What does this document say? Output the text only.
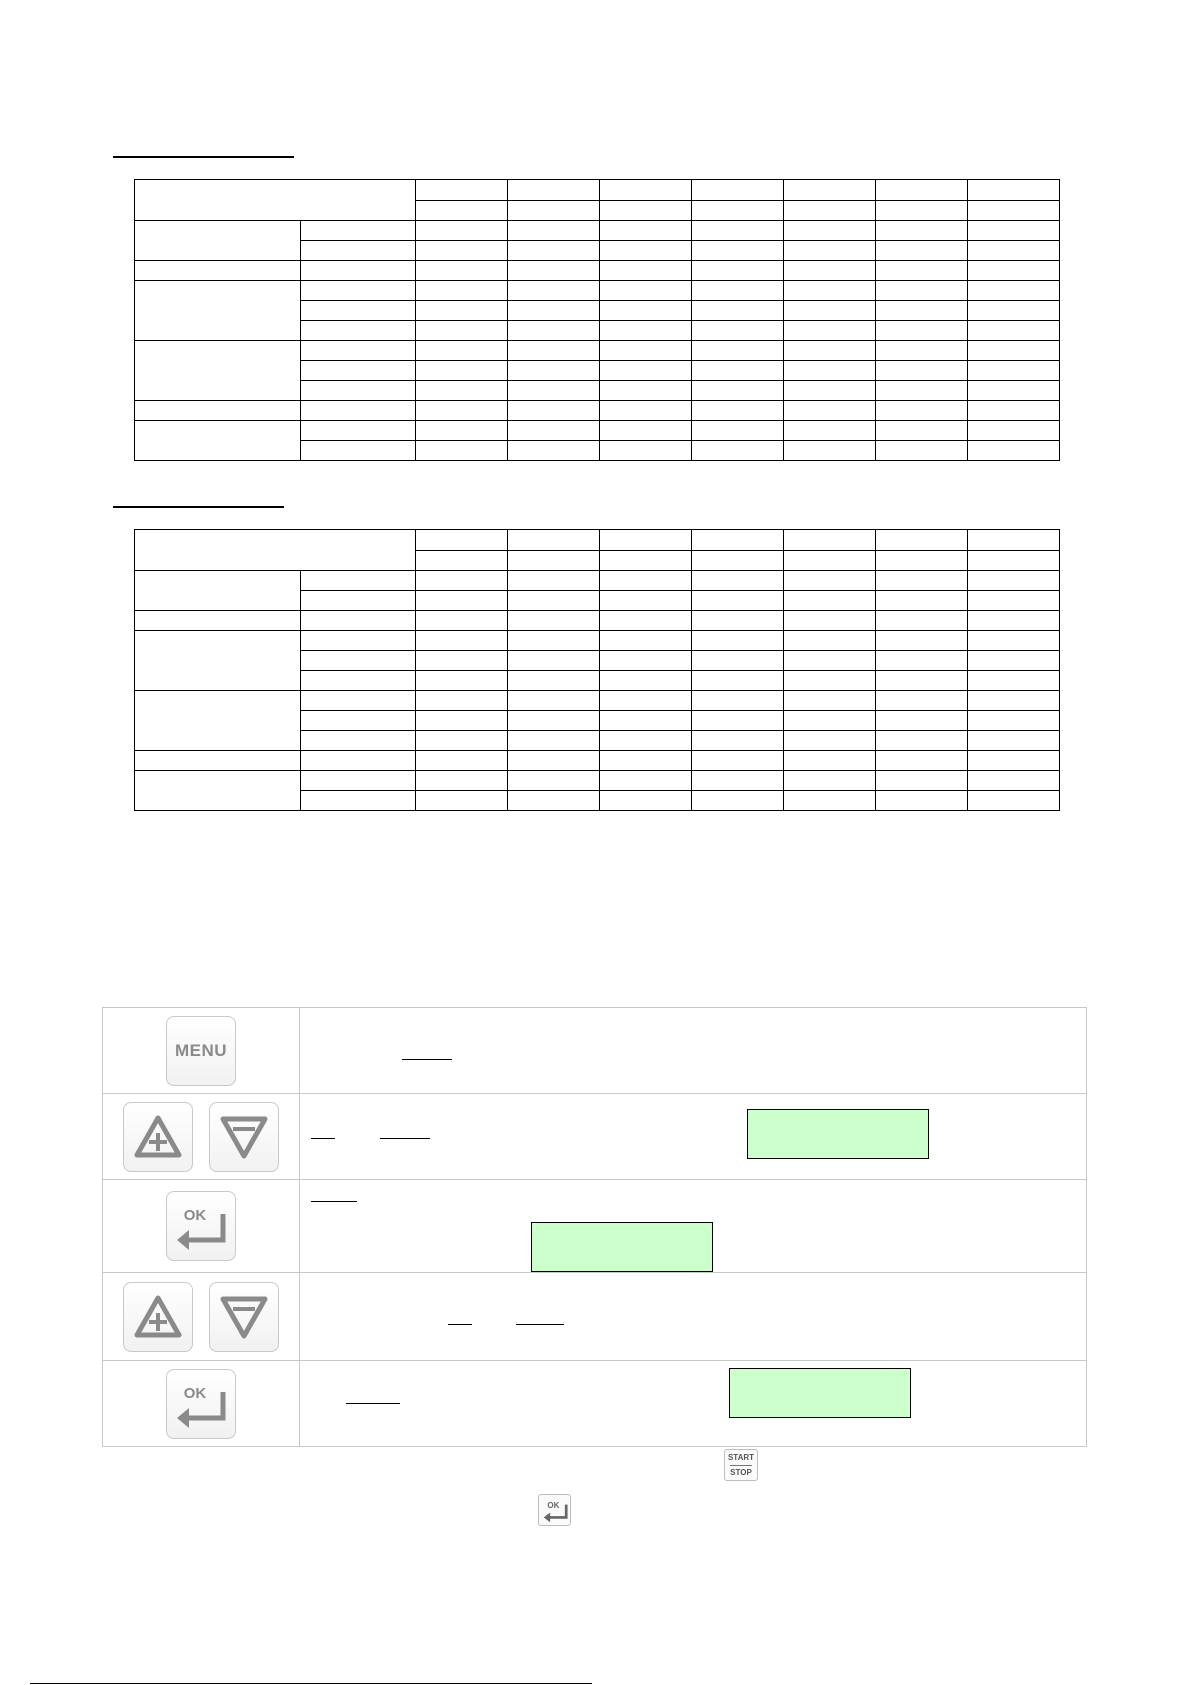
MENU	

OK	

OK	

START
STOP
OK
